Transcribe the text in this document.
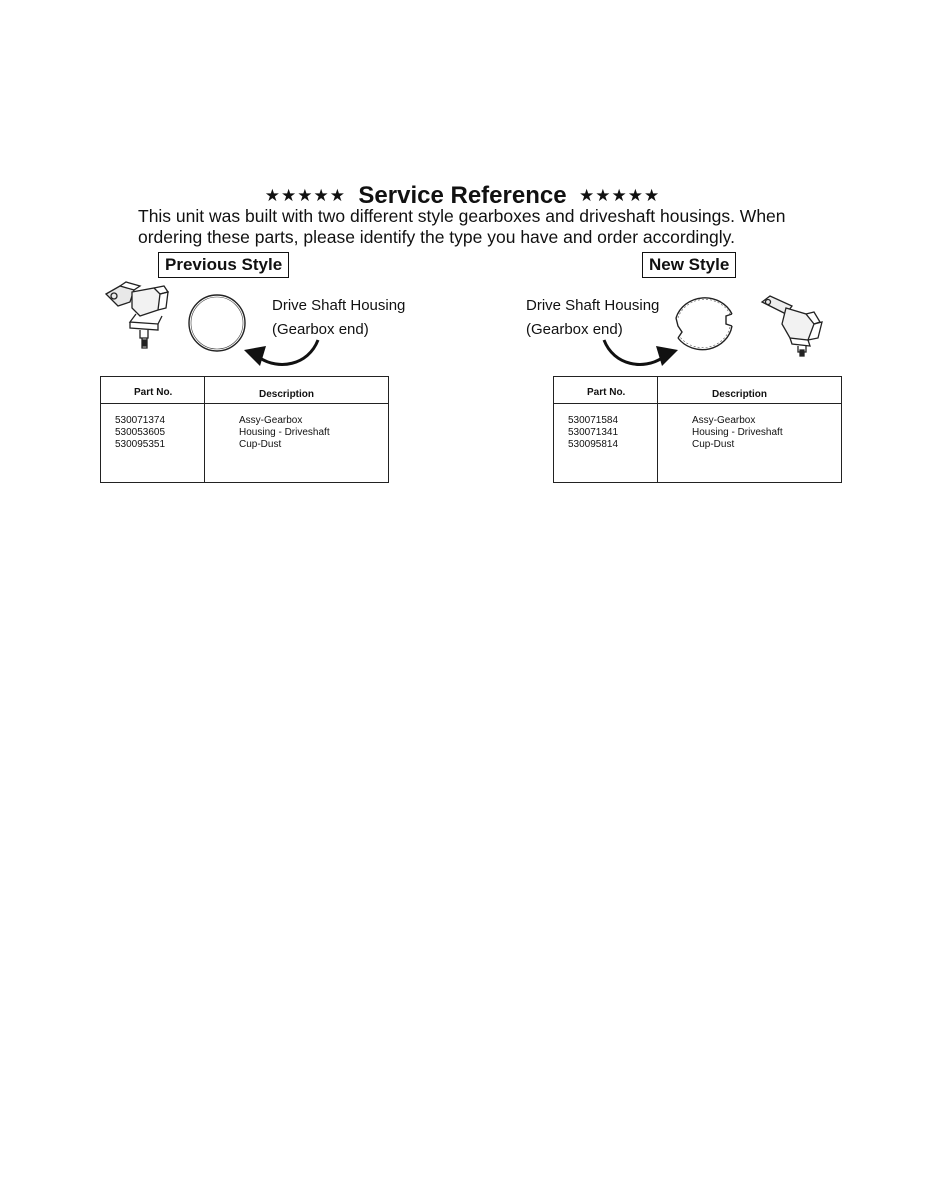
★★★★★ Service Reference ★★★★★
This unit was built with two different style gearboxes and driveshaft housings. When
ordering these parts, please identify the type you have and order accordingly.
Previous Style
Drive Shaft Housing
(Gearbox end)
Part No.	Description
530071374	Assy-Gearbox
530053605	Housing - Driveshaft
530095351	Cup-Dust
New Style
Drive Shaft Housing
(Gearbox end)
Part No.	Description
530071584	Assy-Gearbox
530071341	Housing - Driveshaft
530095814	Cup-Dust
